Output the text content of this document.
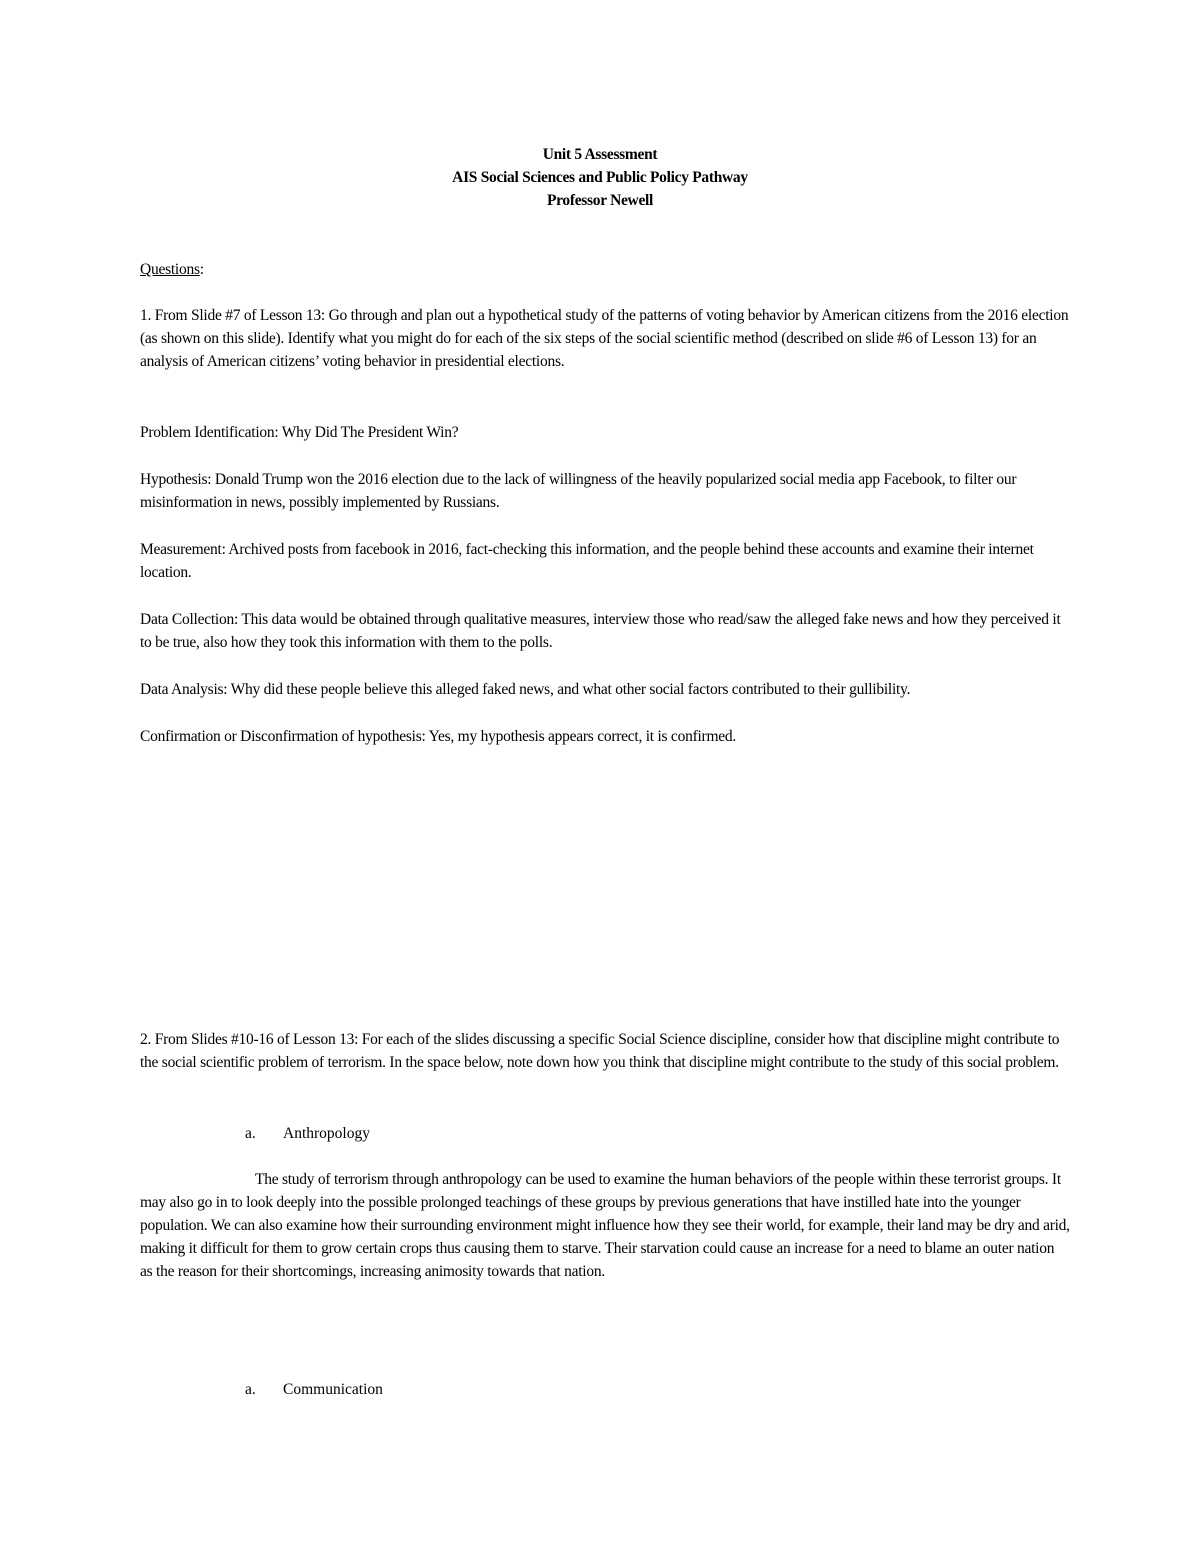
Unit 5 Assessment
AIS Social Sciences and Public Policy Pathway
Professor Newell

Questions:

1. From Slide #7 of Lesson 13: Go through and plan out a hypothetical study of the patterns of voting behavior by American citizens from the 2016 election (as shown on this slide). Identify what you might do for each of the six steps of the social scientific method (described on slide #6 of Lesson 13) for an analysis of American citizens’ voting behavior in presidential elections.

Problem Identification: Why Did The President Win?

Hypothesis: Donald Trump won the 2016 election due to the lack of willingness of the heavily popularized social media app Facebook, to filter our misinformation in news, possibly implemented by Russians.

Measurement: Archived posts from facebook in 2016, fact-checking this information, and the people behind these accounts and examine their internet location.

Data Collection: This data would be obtained through qualitative measures, interview those who read/saw the alleged fake news and how they perceived it to be true, also how they took this information with them to the polls.

Data Analysis: Why did these people believe this alleged faked news, and what other social factors contributed to their gullibility.

Confirmation or Disconfirmation of hypothesis: Yes, my hypothesis appears correct, it is confirmed.

2. From Slides #10-16 of Lesson 13: For each of the slides discussing a specific Social Science discipline, consider how that discipline might contribute to the social scientific problem of terrorism. In the space below, note down how you think that discipline might contribute to the study of this social problem.

a. Anthropology

The study of terrorism through anthropology can be used to examine the human behaviors of the people within these terrorist groups. It may also go in to look deeply into the possible prolonged teachings of these groups by previous generations that have instilled hate into the younger population. We can also examine how their surrounding environment might influence how they see their world, for example, their land may be dry and arid, making it difficult for them to grow certain crops thus causing them to starve. Their starvation could cause an increase for a need to blame an outer nation as the reason for their shortcomings, increasing animosity towards that nation.

a. Communication
